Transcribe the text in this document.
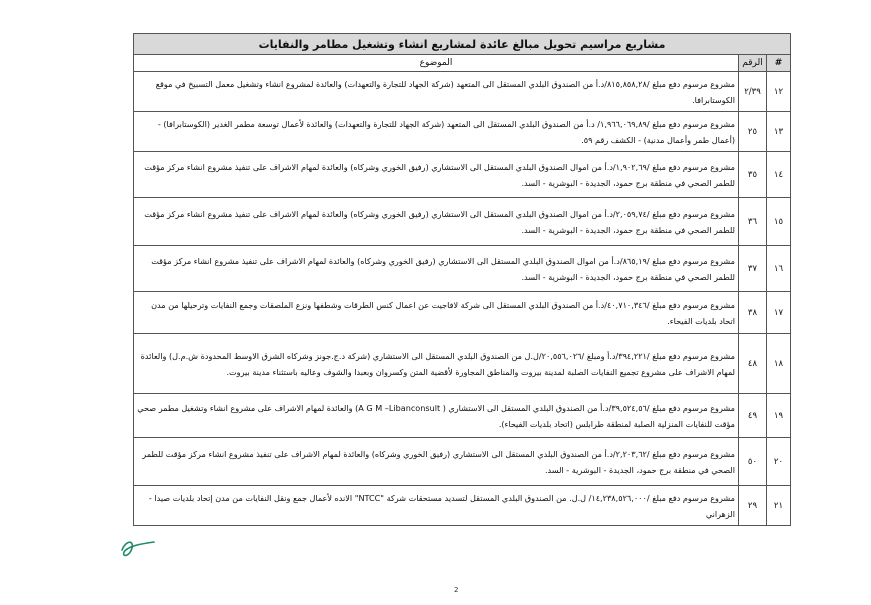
مشاريع مراسيم تحويل مبالغ عائدة لمشاريع انشاء وتشغيل مطامر والنفايات		
#	الرقم	الموضوع
١٢	٢/٣٩	مشروع مرسوم دفع مبلغ /٨١٥,٨٥٨,٢٨/د.أ من الصندوق البلدي المستقل الى المتعهد (شركة الجهاد للتجارة والتعهدات) والعائدة لمشروع انشاء وتشغيل معمل التسبيخ في موقع الكوستابرافا.
١٣	٢٥	مشروع مرسوم دفع مبلغ /١,٩٦٦,٠٦٩,٨٩/ د.أ من الصندوق البلدي المستقل الى المتعهد (شركة الجهاد للتجارة والتعهدات) والعائدة لأعمال توسعة مطمر الغدير (الكوستابرافا) - (أعمال طمر وأعمال مدنية) - الكشف رقم ٥٩.
١٤	٣٥	مشروع مرسوم دفع مبلغ /١,٩٠٢,٦٩/د.أ من اموال الصندوق البلدي المستقل الى الاستشاري (رفيق الخوري وشركاه) والعائدة لمهام الاشراف على تنفيذ مشروع انشاء مركز مؤقت للطمر الصحي في منطقة برج حمود، الجديدة - البوشرية - السد.
١٥	٣٦	مشروع مرسوم دفع مبلغ /٢,٠٥٩,٧٤/د.أ من اموال الصندوق البلدي المستقل الى الاستشاري (رفيق الخوري وشركاه) والعائدة لمهام الاشراف على تنفيذ مشروع انشاء مركز مؤقت للطمر الصحي في منطقة برج حمود، الجديدة - البوشرية - السد.
١٦	٣٧	مشروع مرسوم دفع مبلغ /٨٦٥,١٩/د.أ من اموال الصندوق البلدي المستقل الى الاستشاري (رفيق الخوري وشركاه) والعائدة لمهام الاشراف على تنفيذ مشروع انشاء مركز مؤقت للطمر الصحي في منطقة برج حمود، الجديدة - البوشرية - السد.
١٧	٣٨	مشروع مرسوم دفع مبلغ /٤٠,٧١٠,٣٤٦/د.أ من الصندوق البلدي المستقل الى شركة لافاجيت عن اعمال كنس الطرقات وشطفها ونزع الملصقات وجمع النفايات وترحيلها من مدن اتحاد بلديات الفيحاء.
١٨	٤٨	مشروع مرسوم دفع مبلغ /٣٩٤,٢٢١/د.أ ومبلغ /٢٠,٥٥٦,٠٢٦/ل.ل من الصندوق البلدي المستقل الى الاستشاري (شركة د.ج.جونز وشركاه الشرق الاوسط المحدودة ش.م.ل) والعائدة لمهام الاشراف على مشروع تجميع النفايات الصلبة لمدينة بيروت والمناطق المجاورة لأقضية المتن وكسروان وبعبدا والشوف وعاليه باستثناء مدينة بيروت.
١٩	٤٩	مشروع مرسوم دفع مبلغ /٣٩,٥٢٤,٥٦/د.أ من الصندوق البلدي المستقل الى الاستشاري ( A G M –Libanconsult) والعائدة لمهام الاشراف على مشروع انشاء وتشغيل مطمر صحي مؤقت للنفايات المنزلية الصلبة لمنطقة طرابلس (اتحاد بلديات الفيحاء).
٢٠	٥٠	مشروع مرسوم دفع مبلغ /٢,٢٠٣,٦٢/د.أ من الصندوق البلدي المستقل الى الاستشاري (رفيق الخوري وشركاه) والعائدة لمهام الاشراف على تنفيذ مشروع انشاء مركز مؤقت للطمر الصحي في منطقة برج حمود، الجديدة - البوشرية - السد.
٢١	٢٩	مشروع مرسوم دفع مبلغ /١٤,٢٣٨,٥٢٦,٠٠٠/ ل.ل. من الصندوق البلدي المستقل لتسديد مستحقات شركة "NTCC" الانده لأعمال جمع ونقل النفايات من مدن إتحاد بلديات صيدا - الزهراني
2
